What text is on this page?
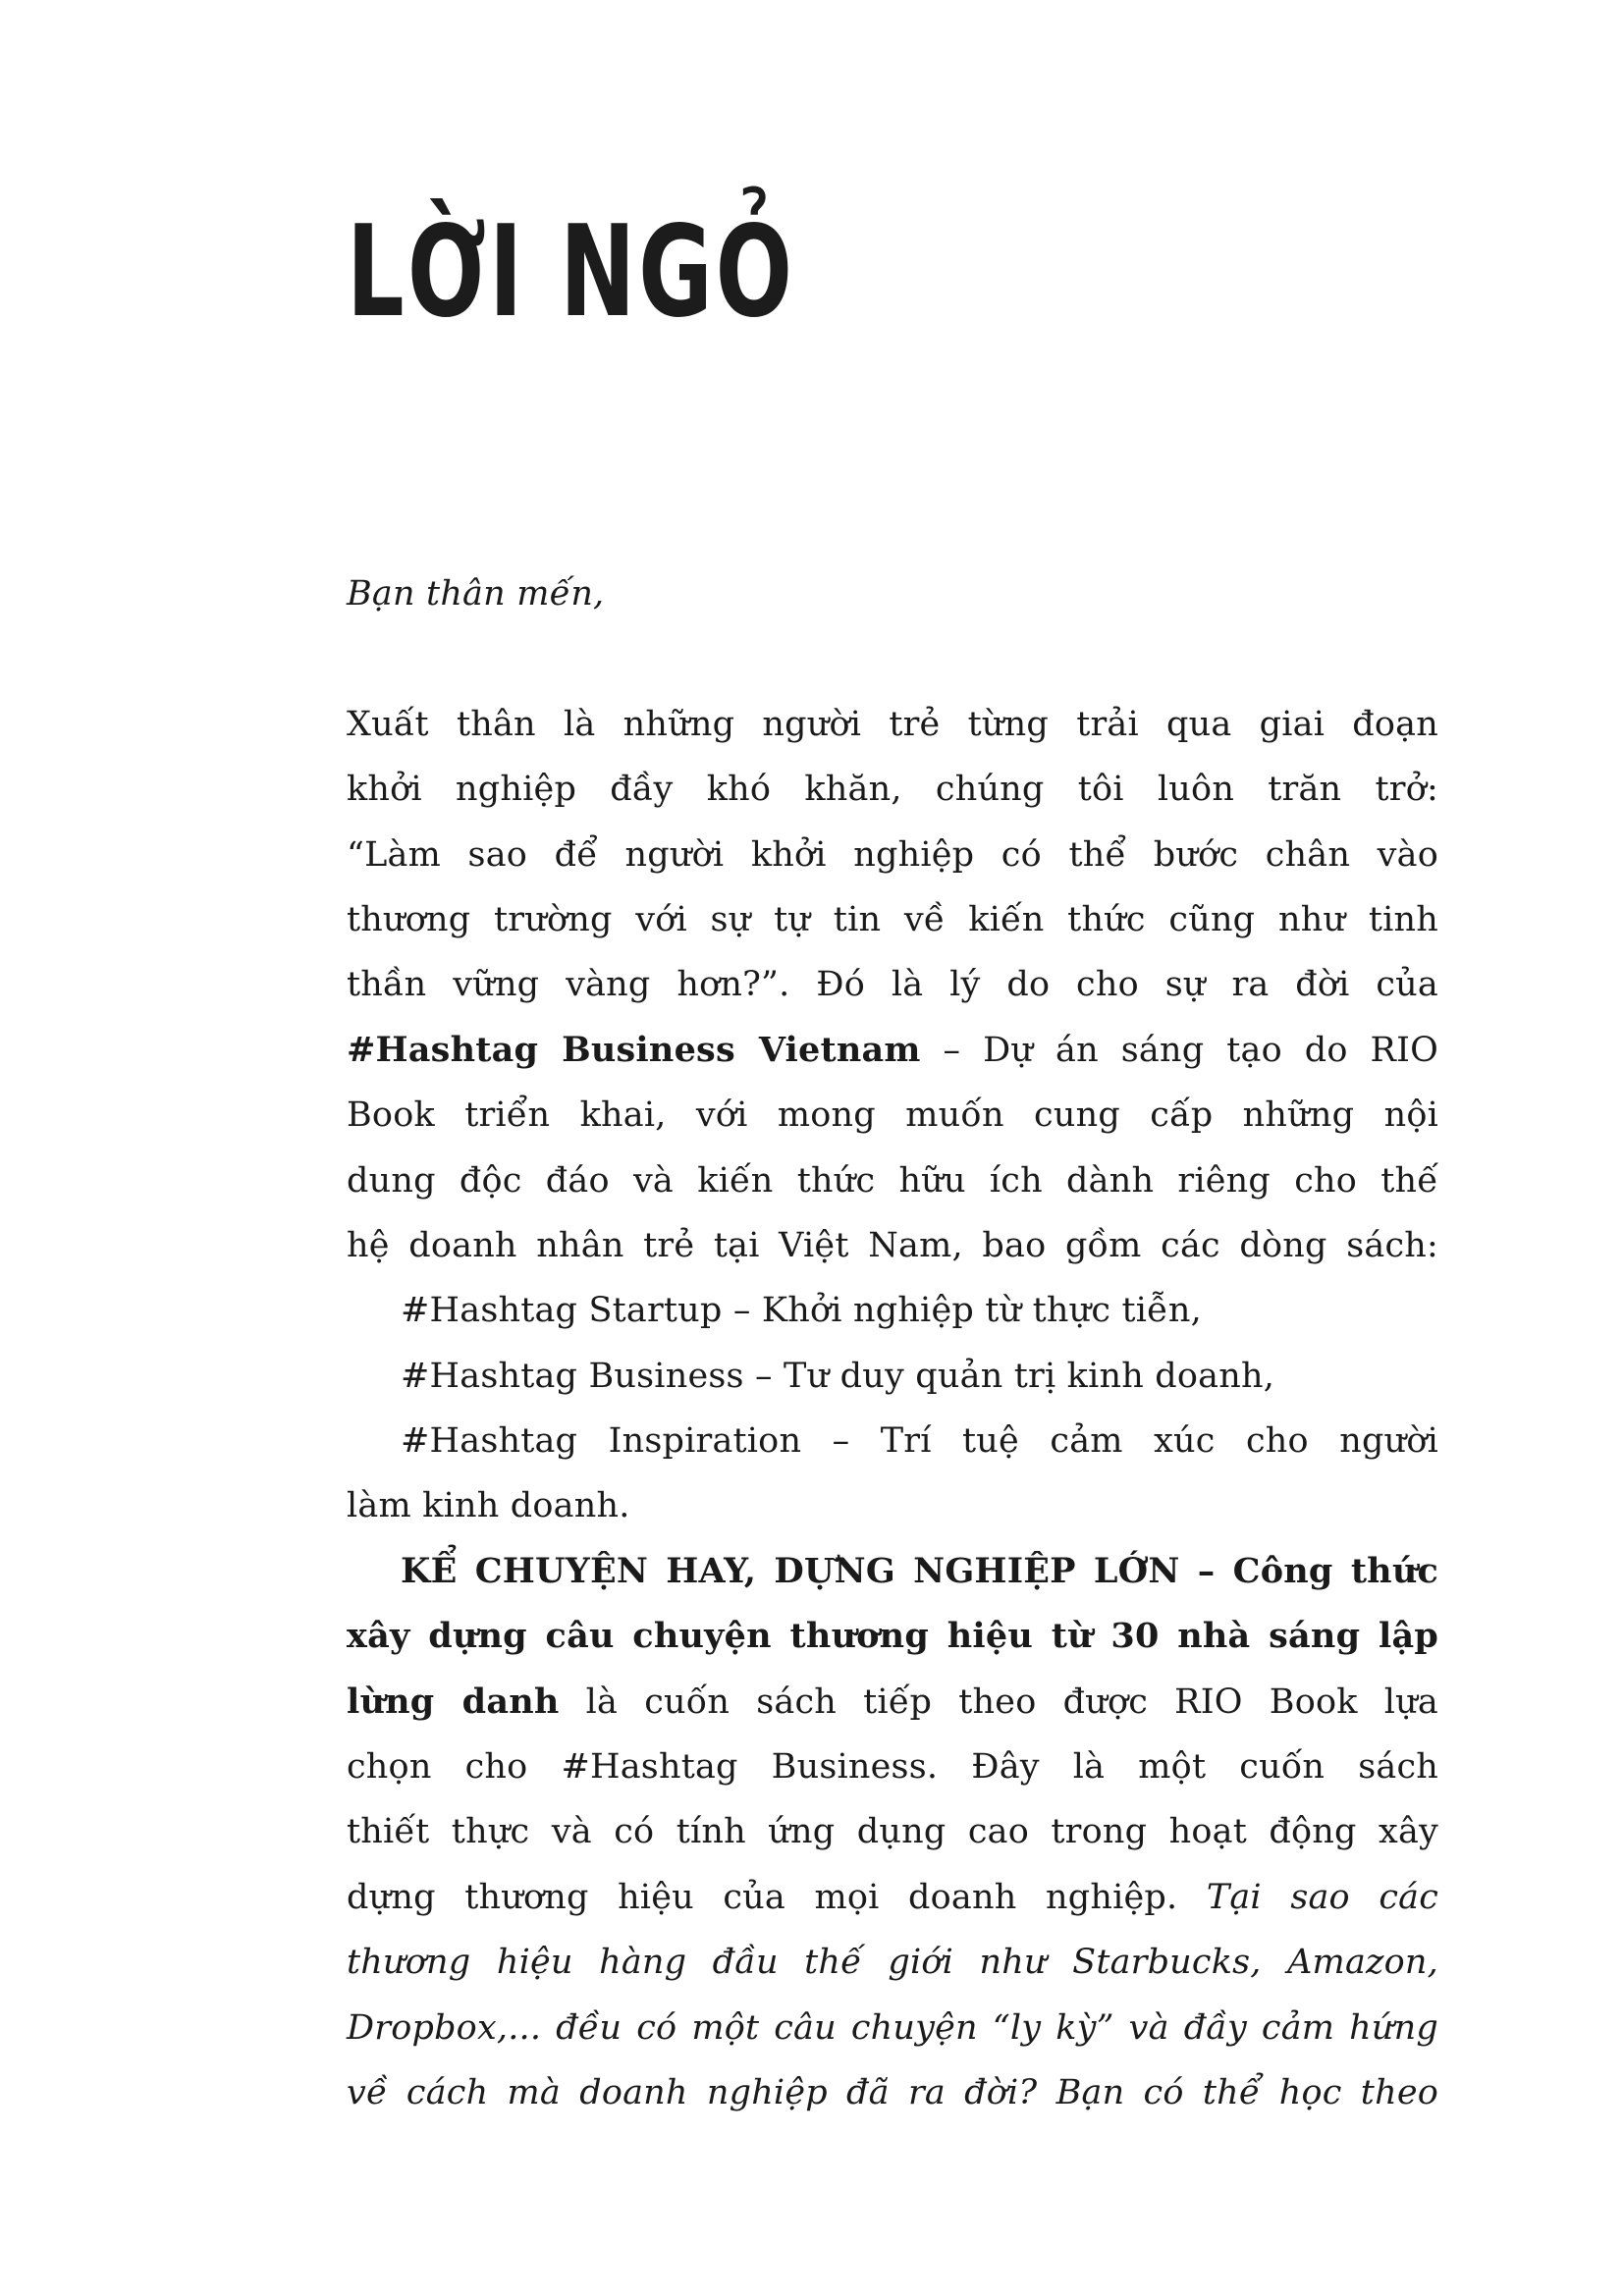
LỜI NGỎ
Bạn thân mến,
Xuất thân là những người trẻ từng trải qua giai đoạn
khởi nghiệp đầy khó khăn, chúng tôi luôn trăn trở:
“Làm sao để người khởi nghiệp có thể bước chân vào
thương trường với sự tự tin về kiến thức cũng như tinh
thần vững vàng hơn?”. Đó là lý do cho sự ra đời của
#Hashtag Business Vietnam – Dự án sáng tạo do RIO
Book triển khai, với mong muốn cung cấp những nội
dung độc đáo và kiến thức hữu ích dành riêng cho thế
hệ doanh nhân trẻ tại Việt Nam, bao gồm các dòng sách:
#Hashtag Startup – Khởi nghiệp từ thực tiễn,
#Hashtag Business – Tư duy quản trị kinh doanh,
#Hashtag Inspiration – Trí tuệ cảm xúc cho người
làm kinh doanh.
KỂ CHUYỆN HAY, DỰNG NGHIỆP LỚN – Công thức
xây dựng câu chuyện thương hiệu từ 30 nhà sáng lập
lừng danh là cuốn sách tiếp theo được RIO Book lựa
chọn cho #Hashtag Business. Đây là một cuốn sách
thiết thực và có tính ứng dụng cao trong hoạt động xây
dựng thương hiệu của mọi doanh nghiệp. Tại sao các
thương hiệu hàng đầu thế giới như Starbucks, Amazon,
Dropbox,... đều có một câu chuyện “ly kỳ” và đầy cảm hứng
về cách mà doanh nghiệp đã ra đời? Bạn có thể học theo
